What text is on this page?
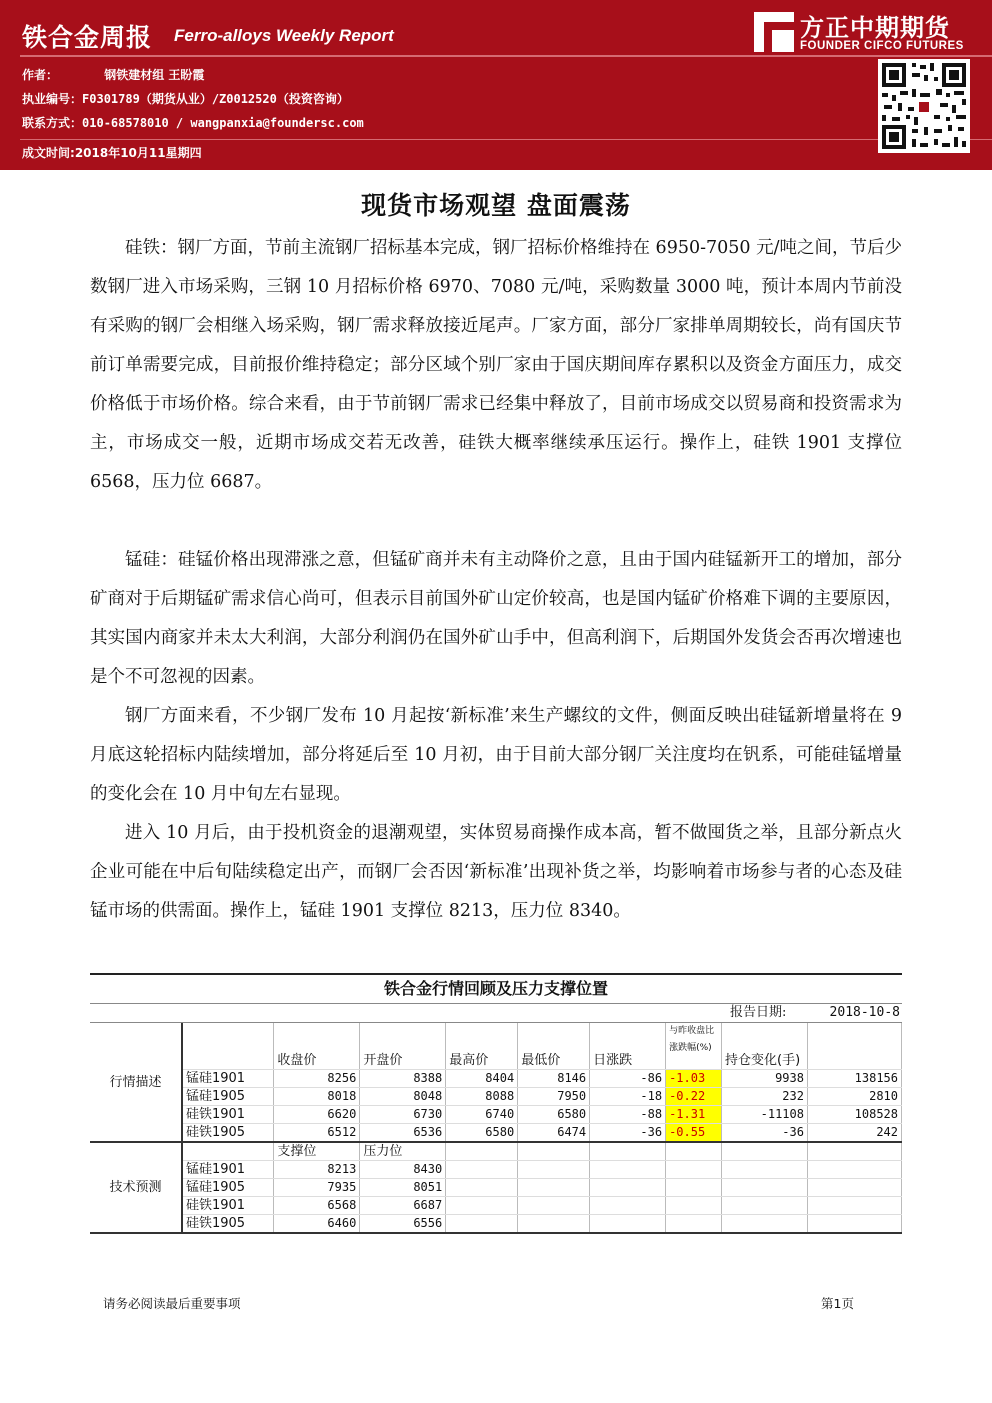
铁合金周报 Ferro-alloys Weekly Report
作者：	钢铁建材组 王盼霞
执业编号：F0301789（期货从业）/Z0012520（投资咨询）
联系方式：010-68578010 / wangpanxia@foundersc.com
成文时间:2018年10月11星期四
方正中期期货
FOUNDER CIFCO FUTURES
现货市场观望 盘面震荡
硅铁：钢厂方面，节前主流钢厂招标基本完成，钢厂招标价格维持在 6950-7050 元/吨之间，节后少数钢厂进入市场采购，三钢 10 月招标价格 6970、7080 元/吨，采购数量 3000 吨，预计本周内节前没有采购的钢厂会相继入场采购，钢厂需求释放接近尾声。厂家方面，部分厂家排单周期较长，尚有国庆节前订单需要完成，目前报价维持稳定；部分区域个别厂家由于国庆期间库存累积以及资金方面压力，成交价格低于市场价格。综合来看，由于节前钢厂需求已经集中释放了，目前市场成交以贸易商和投资需求为主，市场成交一般，近期市场成交若无改善，硅铁大概率继续承压运行。操作上，硅铁 1901 支撑位 6568，压力位 6687。
锰硅：硅锰价格出现滞涨之意，但锰矿商并未有主动降价之意，且由于国内硅锰新开工的增加，部分矿商对于后期锰矿需求信心尚可，但表示目前国外矿山定价较高，也是国内锰矿价格难下调的主要原因，其实国内商家并未太大利润，大部分利润仍在国外矿山手中，但高利润下，后期国外发货会否再次增速也是个不可忽视的因素。
钢厂方面来看，不少钢厂发布 10 月起按‘新标准’来生产螺纹的文件，侧面反映出硅锰新增量将在 9 月底这轮招标内陆续增加，部分将延后至 10 月初，由于目前大部分钢厂关注度均在钒系，可能硅锰增量的变化会在 10 月中旬左右显现。
进入 10 月后，由于投机资金的退潮观望，实体贸易商操作成本高，暂不做囤货之举，且部分新点火企业可能在中后旬陆续稳定出产，而钢厂会否因‘新标准’出现补货之举，均影响着市场参与者的心态及硅锰市场的供需面。操作上，锰硅 1901 支撑位 8213，压力位 8340。
铁合金行情回顾及压力支撑位置
报告日期:	2018-10-8
行情描述		收盘价	开盘价	最高价	最低价	日涨跌	与昨收盘比涨跌幅(%)	持仓变化(手)	
	锰硅1901	8256	8388	8404	8146	-86	-1.03	9938	138156
	锰硅1905	8018	8048	8088	7950	-18	-0.22	232	2810
	硅铁1901	6620	6730	6740	6580	-88	-1.31	-11108	108528
	硅铁1905	6512	6536	6580	6474	-36	-0.55	-36	242
技术预测		支撑位	压力位						
	锰硅1901	8213	8430						
	锰硅1905	7935	8051						
	硅铁1901	6568	6687						
	硅铁1905	6460	6556						
请务必阅读最后重要事项	第1页
